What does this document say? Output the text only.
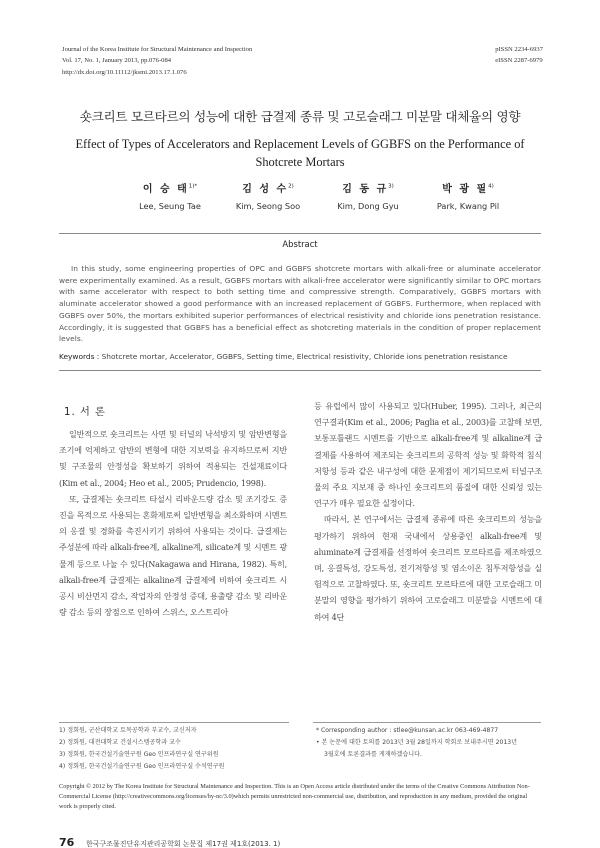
Journal of the Korea Institute for Structural Maintenance and Inspection
Vol. 17, No. 1, January 2013, pp.076-084
http://dx.doi.org/10.11112/jksmi.2013.17.1.076
pISSN 2234-6937
eISSN 2287-6979
숏크리트 모르타르의 성능에 대한 급결제 종류 및 고로슬래그 미분말 대체율의 영향
Effect of Types of Accelerators and Replacement Levels of GGBFS on the Performance of Shotcrete Mortars
이 승 태$^{1)*}$
Lee, Seung Tae
김 성 수$^{2)}$
Kim, Seong Soo
김 동 규$^{3)}$
Kim, Dong Gyu
박 광 필$^{4)}$
Park, Kwang Pil
Abstract
In this study, some engineering properties of OPC and GGBFS shotcrete mortars with alkali-free or aluminate accelerator were experimentally examined. As a result, GGBFS mortars with alkali-free accelerator were significantly similar to OPC mortars with same accelerator with respect to both setting time and compressive strength. Comparatively, GGBFS mortars with aluminate accelerator showed a good performance with an increased replacement of GGBFS. Furthermore, when replaced with GGBFS over 50%, the mortars exhibited superior performances of electrical resistivity and chloride ions penetration resistance. Accordingly, it is suggested that GGBFS has a beneficial effect as shotcreting materials in the condition of proper replacement levels.
Keywords : Shotcrete mortar, Accelerator, GGBFS, Setting time, Electrical resistivity, Chloride ions penetration resistance
1. 서 론

일반적으로 숏크리트는 사면 및 터널의 낙석방지 및 암반변형을 조기에 억제하고 암반의 변형에 대한 지보력을 유지하므로써 지반 및 구조물의 안정성을 확보하기 위하여 적용되는 건설재료이다(Kim et al., 2004; Heo et al., 2005; Prudencio, 1998).

또, 급결제는 숏크리트 타설시 리바운드량 감소 및 조기강도 증진을 목적으로 사용되는 혼화제로써 일반변형을 최소화하며 시멘트의 응결 및 경화를 촉진시키기 위하여 사용되는 것이다. 급결제는 주성분에 따라 alkali-free계, alkaline계, silicate계 및 시멘트 광물계 등으로 나눌 수 있다(Nakagawa and Hirana, 1982). 특히, alkali-free계 급결제는 alkaline계 급결제에 비하여 숏크리트 시공시 비산먼지 감소, 작업자의 안정성 증대, 용출량 감소 및 리바운량 감소 등의 장점으로 인하여 스위스, 오스트리아

등 유럽에서 많이 사용되고 있다(Huber, 1995). 그러나, 최근의 연구결과(Kim et al., 2006; Paglia et al., 2003)를 고찰해 보면, 보통포틀랜드 시멘트를 기반으로 alkali-free계 및 alkaline계 급결제를 사용하여 제조되는 숏크리트의 공학적 성능 및 화학적 침식 저항성 등과 같은 내구성에 대한 문제점이 제기되므로써 터널구조물의 주요 지보재 중 하나인 숏크리트의 품질에 대한 신뢰성 있는 연구가 매우 필요한 실정이다.

따라서, 본 연구에서는 급결제 종류에 따른 숏크리트의 성능을 평가하기 위하여 현재 국내에서 상용중인 alkali-free계 및 aluminate계 급결제를 선정하여 숏크리트 모르타르를 제조하였으며, 응결특성, 강도특성, 전기저항성 및 염소이온 침투저항성을 실험적으로 고찰하였다. 또, 숏크리트 모르타르에 대한 고로슬래그 미분말의 영향을 평가하기 위하여 고로슬래그 미분말을 시멘트에 대하여 4단

1) 정회원, 군산대학교 토목공학과 부교수, 교신저자
2) 정회원, 대전대학교 건설시스템공학과 교수
3) 정회원, 한국건설기술연구원 Geo 인프라연구실 연구위원
4) 정회원, 한국건설기술연구원 Geo 인프라연구실 수석연구원
* Corresponding author : stlee@kunsan.ac.kr 063-469-4877
• 본 논문에 대한 토의를 2013년 3월 28일까지 학회로 보내주시면 2013년
3월호에 토론결과를 게재하겠습니다.
Copyright © 2012 by The Korea Institute for Structural Maintenance and Inspection. This is an Open Access article distributed under the terms of the Creative Commons Attribution Non-Commercial License (http://creativecommons.org/licenses/by-nc/3.0)which permits unrestricted non-commercial use, distribution, and reproduction in any medium, provided the original work is properly cited.
76 한국구조물진단유지관리공학회 논문집 제17권 제1호(2013. 1)
